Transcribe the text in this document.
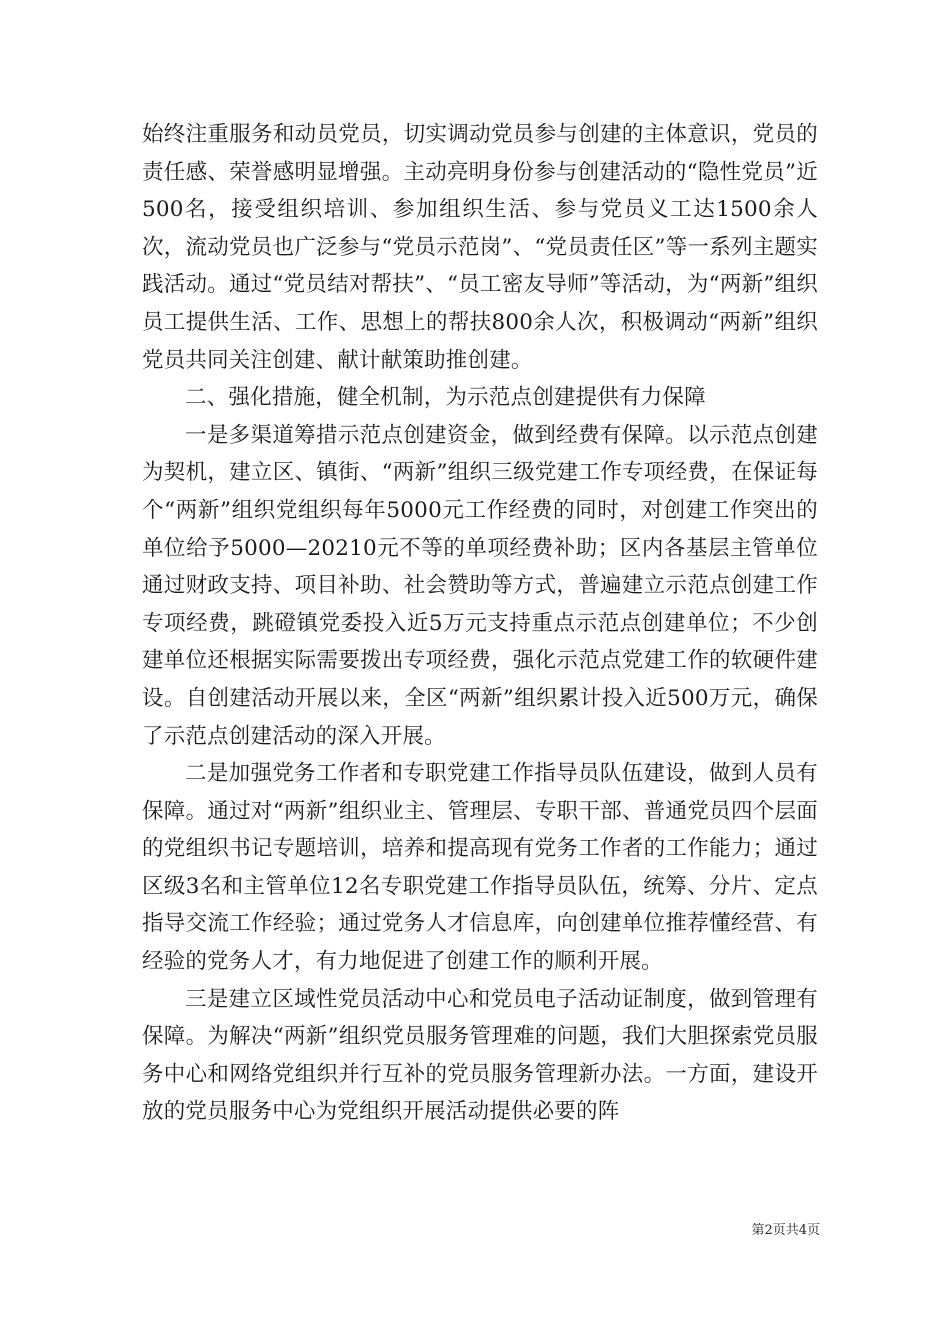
始终注重服务和动员党员，切实调动党员参与创建的主体意识，党员的责任感、荣誉感明显增强。主动亮明身份参与创建活动的“隐性党员”近500名，接受组织培训、参加组织生活、参与党员义工达1500余人次，流动党员也广泛参与“党员示范岗”、“党员责任区”等一系列主题实践活动。通过“党员结对帮扶”、“员工密友导师”等活动，为“两新”组织员工提供生活、工作、思想上的帮扶800余人次，积极调动“两新”组织党员共同关注创建、献计献策助推创建。

二、强化措施，健全机制，为示范点创建提供有力保障

一是多渠道筹措示范点创建资金，做到经费有保障。以示范点创建为契机，建立区、镇街、“两新”组织三级党建工作专项经费，在保证每个“两新”组织党组织每年5000元工作经费的同时，对创建工作突出的单位给予5000—20210元不等的单项经费补助；区内各基层主管单位通过财政支持、项目补助、社会赞助等方式，普遍建立示范点创建工作专项经费，跳磴镇党委投入近5万元支持重点示范点创建单位；不少创建单位还根据实际需要拨出专项经费，强化示范点党建工作的软硬件建设。自创建活动开展以来，全区“两新”组织累计投入近500万元，确保了示范点创建活动的深入开展。

二是加强党务工作者和专职党建工作指导员队伍建设，做到人员有保障。通过对“两新”组织业主、管理层、专职干部、普通党员四个层面的党组织书记专题培训，培养和提高现有党务工作者的工作能力；通过区级3名和主管单位12名专职党建工作指导员队伍，统筹、分片、定点指导交流工作经验；通过党务人才信息库，向创建单位推荐懂经营、有经验的党务人才，有力地促进了创建工作的顺利开展。

三是建立区域性党员活动中心和党员电子活动证制度，做到管理有保障。为解决“两新”组织党员服务管理难的问题，我们大胆探索党员服务中心和网络党组织并行互补的党员服务管理新办法。一方面，建设开放的党员服务中心为党组织开展活动提供必要的阵

第2页共4页
